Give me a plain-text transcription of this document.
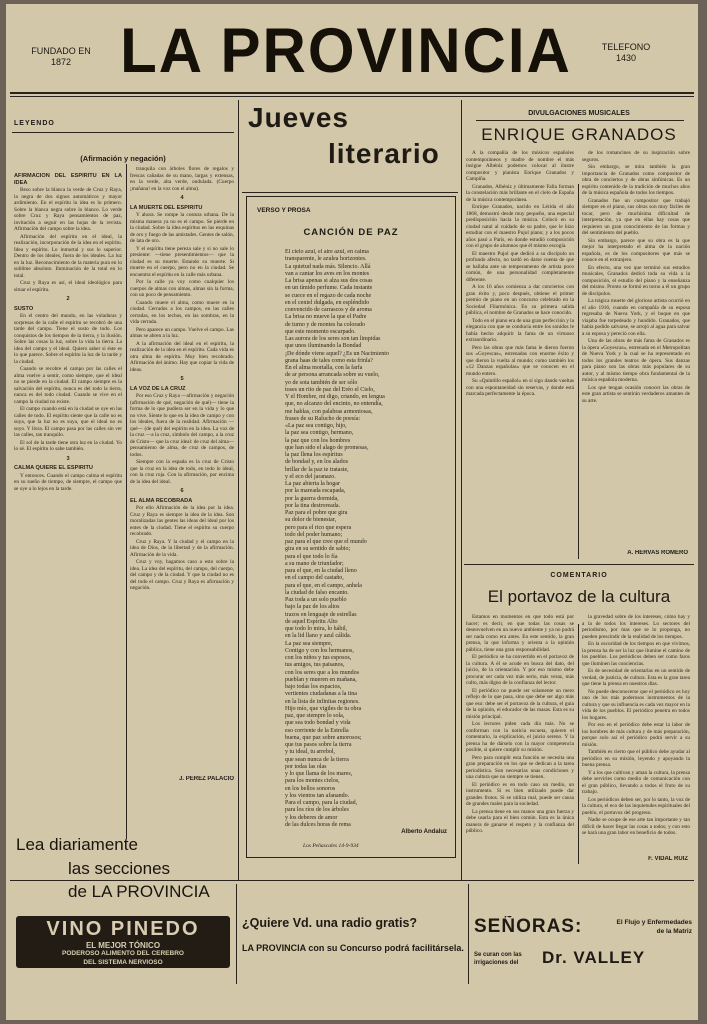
FUNDADO EN
1872 LA PROVINCIA	TELEFONO
1430
LEYENDO
(Afirmación y negación)
AFIRMACION DEL ESPIRITU EN LA IDEA

Beso sobre la blanca la verde de Cruz y Raya, la negra de dos signos automáticos y mayor ardimiento. En el espíritu la idea es lo primero. Sobre la blanca negra sobre lo blanco. Lo verde sobre Cruz y Raya pensamientos de paz, invitación a seguir en las hojas de la revista. Afirmación del campo sobre la idea.

Afirmación del espíritu en el ideal, la realización, incorporación de la idea en el espíritu. Idea y espíritu. Lo inmortal y sus lo superior. Dentro de los ideales, fuera de los ideales. La luz en la luz. Reconocimiento de la materia pura en lo sublime absoluto. Iluminación de la total en lo total.

Cruz y Raya es así, el ideal ideológico para situar el espíritu.

2
SUSTO

En el centro del mundo, en las voladuras y sorpresas de la calle el espíritu se recobró de una tarde del campo. Tiene el susto de todo. Los conquistos de los tiempos de la tierra, y la ilusión. Sobre las cosas la luz, sobre la vida la tierra. La idea del campo y el ideal. Quiero saber si éste es lo que parece. Sobre el espíritu la luz de la tarde y la ciudad.

Cuando se recobre el campo por las calles el alma vuelve a sentir, como siempre, que el ideal no se pierde en la ciudad. El campo siempre es la salvación del espíritu, nunca es del todo la tierra, nunca es del todo ciudad. Cuando se vive en el campo la ciudad no existe.

El campo cuando está en la ciudad se oye en las calles de todo. El espíritu siente que la calle no es suya, que la luz no es suya, que el ideal no es suyo. Y llora. El campo pasa por las calles sin ver las calles, tan tranquilo.

El sol de la tarde tiene otra luz en la ciudad. Yo lo sé. El espíritu lo sabe también.

3
CALMA QUIERE EL ESPIRITU

Y entonces. Cuando el campo calma el espíritu en su sueño de tiempo, de siempre, el campo que se oye a lo lejos en la tarde.

tranquila con árboles flores de regalos y frescas cañadas de su mano, largas y extensas, en la verde, alta verde, ondulada. (Cuerpo ¡mañana! en la voz con el alma).

4
LA MUERTE DEL ESPIRITU

Y ahora. Se rompe la costura urbana. De la misma manera ya no es el campo. Se pierde en la ciudad. Sobre la idea espíritus en las esquinas de oro y fuego de las amistades. Gentes de salón, de lata de oro.

Y el espíritu tiene pereza sale y si no sale lo presiente: —tiene presentimientos— que la ciudad es su muerte. Estando su muerte. Si muerte en el cuerpo, pero no en la ciudad. Se encuentra el espíritu en la calle más urbana.

Por la calle ya voy como cualquier los cuerpos de almas con almas, almas sin la forma, con un poco de pensamiento.

Cuando muere el alma, como muere en la ciudad. Cerrados a los campos, en las calles cerradas, en los techos, en las sombras, en la vida cerrada.

Pero aparece un campo. Vuelve el campo. Las almas se abren a la luz.

A la afirmación del ideal en el espíritu, la realización de la idea en el espíritu. Cada vida es otra alma de espíritu. Muy bien recobrado. Afirmación del ánimo. Hay que copiar la vida de ideas.

5
LA VOZ DE LA CRUZ

Por eso Cruz y Raya —afirmación y negación (afirmación de qué, negación de qué)— tiene la forma de lo que pudiera ser en la vida y lo que no vive. Siente lo que en la idea de campo y con los ideales, fuera de la realidad. Afirmación —qué— (de qué) del espíritu en la idea. La voz de la cruz —a la cruz, símbolo del campo, a la cruz de Cristo— que la cruz ideal: de cruz del alma— pensamiento de alma, de cruz de campos, de todos.

Siempre con la espada es la cruz de Cristo que la cruz en la idea de todo, en todo lo ideal, con la cruz roja. Con la afirmación, por encima de la idea del ideal.

6
EL ALMA RECOBRADA

Por ello Afirmación de la idea por la idea. Cruz y Raya es siempre la idea de la idea. Son moralizadas las gentes las ideas del ideal por los entes de la ciudad. Tiene el espíritu su cuerpo recobrado.

Cruz y Raya. Y la ciudad y el campo en la idea de Dios, de la libertad y de la afirmación. Afirmación de la vida.

Cruz y voy, hagamos caso a esto sobre la idea. La idea del espíritu, del campo, del cuerpo, del campo y de la ciudad. Y que la ciudad no es del todo el campo. Cruz y Raya es afirmación y negación.

J. PEREZ PALACIO
Jueves
literario
VERSO Y PROSA
CANCIÓN DE PAZ
El cielo azul, el aire azul, en calma
transparente, le azulea horizontes.
La quietud nada más. Silencio. Allá
van a cantar los aves en los montes
La brisa apenas si alza sus dos cosas
en un tímido perfume. Cada instante
se cuece en el regazo de cada noche
en el ceniel dulgada, en espléndido
convencido de carrascos y de aroma
La brisa no mueve la que el Padre
de turno y de montes ha colorado
que este momento escarpado.
Las aurora de los seres son tan limpidas
que unos iluminando la Bondad
¡De dónde viene aquel? ¿Es un Nacimiento
grana haas de tales como esta frinla?
En el alma mortalla, con la farfa
de ar persona arrancada sobre su vuelo,
yo de sota también de ser sólo
toses un rito de paz del Eréo el Cielo,
Y el Hombre, mi digo, criando, en lengua
que, no alcanzo del encinto, no entendía,
me hablas, con palabras armoniosas,
frases de su Ralucho de poesía:
«La paz sea contigo, hijo,
la paz sea contigo, hermano,
la paz que con los hombres
que han sido el alago de promesas,
la paz llena los espíritus
de bondad y, en los alados
brillar de la paz te trataste,
y el eco del jaranazo.
La paz abierta la hogar
por la mareada escapada,
por la guerra dormida,
por la tina destroreada.
Paz para el pobre que gira
su dolor de bienestar,
pero para el rico que espera
todo del poder humano;
paz para el que cree que el mundo
gira en su sentido de sabio;
para el que todo lo fía
a su mano de triunfador;
para el que, en la ciudad lleno
en el campo del castaño,
para el que, en el campo, anhela
la ciudad de falso encanto.
Paz toda a un solo pueblo
bajo la paz de los altos
trazos en lenguaje de estrellas
de aquel Espíritu Alto
que todo lo mira, lo hábil,
en la lid llano y azul cálida.
La paz sea siempre,
Contigo y con los hermanos,
con los niños y tus esposos,
tus amigos, tus paisanos,
con los seres que a los mundos
pueblan y mueren en mañana,
bajo todas los espacios,
vertientes ciudadanas a la tina
en la lista de infinitas regiones.
Hijo mío, que vigiles de tu obra
paz, que siempre lo sola,
que sea todo bondad y vida
eso corriente de la Estrella
buena, que paz sobre amorosos;
que tus pasos sobre la tierra
y tu ideal, tu arrebol,
que sean nunca de la tierra
por todas las olas
y lo que llama de los mares,
para los montes cielos,
en los bellos sonoros
y los vientos tan afanando.
Para el campo, para la ciudad,
para los ríos de los árboles
y los deberes de amor
de las dulces horas de rema
Alberto Andaluz
Los Peñascales 14-9-934
DIVULGACIONES MUSICALES
ENRIQUE GRANADOS

A la compañía de los músicos españoles contemporáneos y madre de nombre el más insigne Albéniz podemos colocar al ilustre compositor y pianista Enrique Granados y Campiña.

Granados, Albéniz y últimamente Falla forman la constelación más brillante en el cielo de España de la música contemporánea.

Enrique Granados, nacido en Lérida el año 1868, demostró desde muy pequeño, una especial predisposición hacia la música. Colocó en su ciudad natal al cuidado de su padre, que le hizo estudiar con el maestro Pujol piano; y a los pocos años pasó a París, en donde estudió composición con el grupo de alumnos que él mismo escogía.

El maestro Pujol que dedicó a su discípulo un profundo afecto, no tardó en darse cuenta de que se hallaba ante un temperamento de artista poco común, de una personalidad completamente diferente.

A los 16 años comienza a dar conciertos con gran éxito y, poco después, obtiene el primer premio de piano en un concurso celebrado en la Sociedad Filarmónica. En su primera salida pública, el nombre de Granados se hace conocido.

Todo en el piano era de una gran perfección y la elegancia con que se conducía entre los sonidos le había hecho adquirir la fama de un virtuoso extraordinario.

Pero las obras que más fama le dieron fueron sus «Goyescas», estrenadas con enorme éxito y que dieron la vuelta al mundo; como también los «12 Danzas españolas» que se conocen en el mundo entero.

Su «Quintillo español» en sí sigo dando vueltas con una espontaneidad sin reservas, y donde está marcada perfectamente la época.

de los romancines de su inspiración sobre seguros.

Sin embargo, se mira también la gran importancia de Granados como compositor de obra de conciertos y de obras sinfónicas. Es un espíritu contenido de la tradición de muchos años de la música española de todos los tiempos.

Granados fue un compositor que trabajó siempre en el piano, sus obras son muy fáciles de tocar, pero de muchísima dificultad de interpretación, ya que en ellas hay cosas que requieren un gran conocimiento de las formas y del sentimiento del pueblo.

Sin embargo, parece que su obra es la que mejor ha interpretado el alma de la nación española, es de los compositores que más se conoce en el extranjero.

En efecto, una vez que terminó sus estudios musicales, Granados dedicó toda su vida a la composición, el estudio del piano y la enseñanza del mismo. Pronto se formó en torno a él un grupo de discípulos.

La trágica muerte del glorioso artista ocurrió en el año 1916, cuando en compañía de su esposa regresaba de Nueva York, y el buque en que viajaba fue torpedeado y hundido. Granados, que había podido salvarse, se arrojó al agua para salvar a su esposa y pereció con ella.

Una de las obras de más fama de Granados es la ópera «Goyescas», estrenada en el Metropolitan de Nueva York y la cual se ha representado en todos los grandes teatros de ópera. Sus danzas para piano son las obras más populares de su autor, y al mismo tiempo obra fundamental de la música española moderna.

Los que tengan ocasión conocer las obras de este gran artista se sentirán verdaderos amantes de su arte.

A. HERVAS ROMERO
COMENTARIO
El portavoz de la cultura

Estamos en momentos en que todo está por hacer; es decir, en que todas las cosas se desenvuelven en un nuevo ambiente y ya no podrá ser nada como era antes. En este sentido, la gran prensa, la que informa y orienta a la opinión pública, tiene una gran responsabilidad.

El periódico se ha convertido en el portavoz de la cultura. A él se acude en busca del dato, del juicio, de la orientación. Y por eso mismo debe procurar ser cada vez más serio, más veraz, más culto, más digno de la confianza del lector.

El periódico no puede ser solamente un mero reflejo de lo que pasa, sino que debe ser algo más que eso: debe ser el portavoz de la cultura, el guía de la opinión, el educador de las masas. Esta es su misión principal.

Los lectores piden cada día más. No se conforman con la noticia escueta, quieren el comentario, la explicación, el juicio sereno. Y la prensa ha de dárselo con la mayor competencia posible, si quiere cumplir su misión.

Pero para cumplir esta función se necesita una gran preparación en los que se dedican a la tarea periodística. Son necesarias unas condiciones y una cultura que no siempre se tienen.

El periódico es en todo caso un medio, un instrumento. Si es bien utilizado puede dar grandes frutos. Si se utiliza mal, puede ser causa de grandes males para la sociedad.

La prensa tiene en sus manos una gran fuerza y debe usarla para el bien común. Esta es la única manera de ganarse el respeto y la confianza del público.

la gravedad sobre de los intereses, cómo hay y a la de todos los intereses. Lo sectores del periodismo, por mas que se lo proponga, no pueden prescindir de la realidad de los tiempos.

En la oscuridad de los tiempos en que vivimos, la prensa ha de ser la luz que ilumine el camino de los pueblos. Los periódicos deben ser como faros que iluminen las conciencias.

Es de necesidad de orientarlas en un sentido de verdad, de justicia, de cultura. Esta es la gran tarea que tiene la prensa en nuestros días.

No puede desconocerse que el periódico es hoy uno de los más poderosos instrumentos de la cultura y que su influencia es cada vez mayor en la vida de los pueblos. El periódico penetra en todos los hogares.

Por eso en el periódico debe estar la labor de los hombres de más cultura y de más preparación, porque solo así el periódico podrá servir a su misión.

También es cierto que el público debe ayudar al periódico en su misión, leyendo y apoyando la buena prensa.

Y a los que cultivan y aman la cultura, la prensa debe servirles como medio de comunicación con el gran público, llevando a todos el fruto de su trabajo.

Los periódicos deben ser, por lo tanto, la voz de la cultura, el eco de las inquietudes espirituales del pueblo, el portavoz del progreso.

Nadie se ocupe de ese arte tan importante y tan difícil de hacer llegar las cosas a todos; y con esto se hará una gran labor en beneficio de todos.

F. VIDAL RUIZ
Lea diariamente
las secciones
de LA PROVINCIA
VINO PINEDO
EL MEJOR TÓNICO
PODEROSO ALIMENTO DEL CEREBRO
DEL SISTEMA NERVIOSO
¿Quiere Vd. una radio gratis?
LA PROVINCIA con su Concurso podrá facilitársela.
SEÑORAS:	El Flujo y Enfermedades
de la Matriz
Se curan con las
irrigaciones del Dr. VALLEY
